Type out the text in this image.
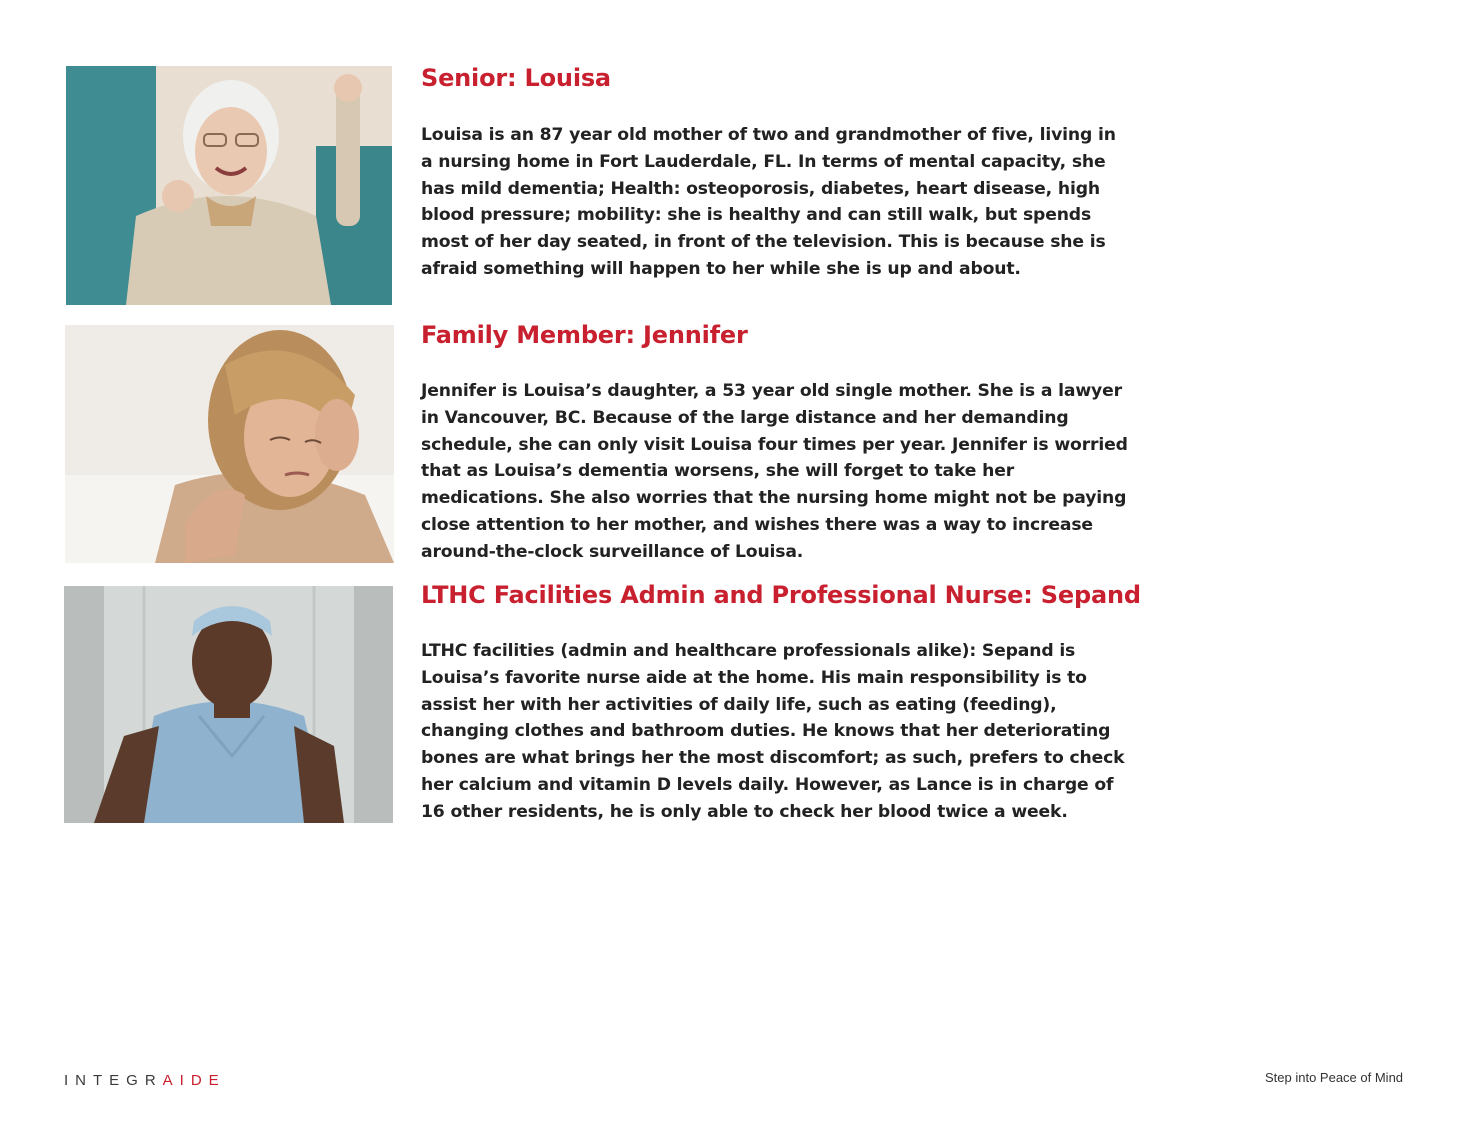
Senior: Louisa

Louisa is an 87 year old mother of two and grandmother of five, living in a nursing home in Fort Lauderdale, FL. In terms of mental capacity, she has mild dementia; Health: osteoporosis, diabetes, heart disease, high blood pressure; mobility: she is healthy and can still walk, but spends most of her day seated, in front of the television. This is because she is afraid something will happen to her while she is up and about.

Family Member: Jennifer

Jennifer is Louisa’s daughter, a 53 year old single mother. She is a lawyer in Vancouver, BC. Because of the large distance and her demanding schedule, she can only visit Louisa four times per year. Jennifer is worried that as Louisa’s dementia worsens, she will forget to take her medications. She also worries that the nursing home might not be paying close attention to her mother, and wishes there was a way to increase around-the-clock surveillance of Louisa.

LTHC Facilities Admin and Professional Nurse: Sepand

LTHC facilities (admin and healthcare professionals alike): Sepand is Louisa’s favorite nurse aide at the home. His main responsibility is to assist her with her activities of daily life, such as eating (feeding), changing clothes and bathroom duties. He knows that her deteriorating bones are what brings her the most discomfort; as such, prefers to check her calcium and vitamin D levels daily. However, as Lance is in charge of 16 other residents, he is only able to check her blood twice a week.

INTEGRAIDE	Step into Peace of Mind
